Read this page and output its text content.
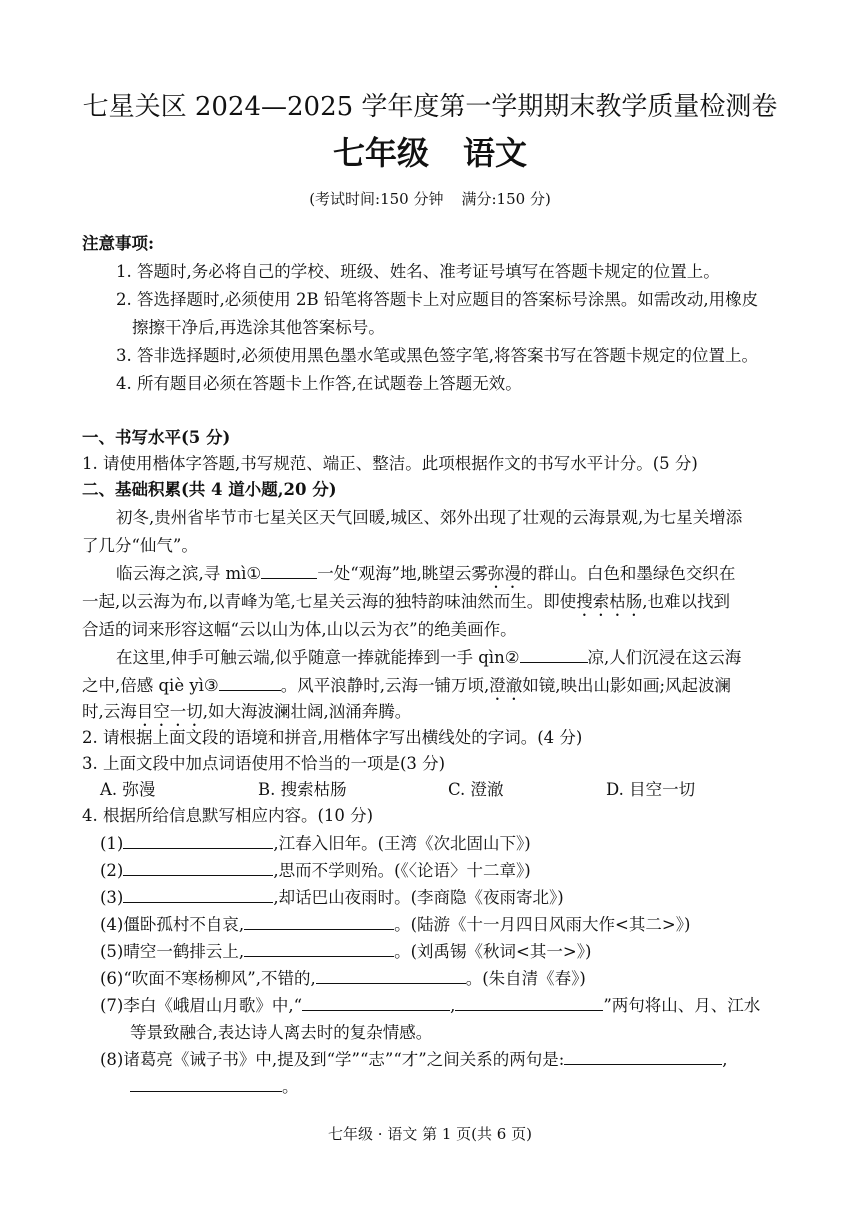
七星关区 2024—2025 学年度第一学期期末教学质量检测卷
七年级 语文
(考试时间:150 分钟 满分:150 分)
注意事项:
1. 答题时,务必将自己的学校、班级、姓名、准考证号填写在答题卡规定的位置上。
2. 答选择题时,必须使用 2B 铅笔将答题卡上对应题目的答案标号涂黑。如需改动,用橡皮
擦擦干净后,再选涂其他答案标号。
3. 答非选择题时,必须使用黑色墨水笔或黑色签字笔,将答案书写在答题卡规定的位置上。
4. 所有题目必须在答题卡上作答,在试题卷上答题无效。
一、书写水平(5 分)
1. 请使用楷体字答题,书写规范、端正、整洁。此项根据作文的书写水平计分。(5 分)
二、基础积累(共 4 道小题,20 分)
初冬,贵州省毕节市七星关区天气回暖,城区、郊外出现了壮观的云海景观,为七星关增添
了几分“仙气”。
临云海之滨,寻 mì①	一处“观海”地,眺望云雾弥漫的群山。白色和墨绿色交织在
一起,以云海为布,以青峰为笔,七星关云海的独特韵味油然而生。即使搜索枯肠,也难以找到
合适的词来形容这幅“云以山为体,山以云为衣”的绝美画作。
在这里,伸手可触云端,似乎随意一捧就能捧到一手 qìn②	凉,人们沉浸在这云海
之中,倍感 qiè yì③	。风平浪静时,云海一铺万顷,澄澈如镜,映出山影如画;风起波澜
时,云海目空一切,如大海波澜壮阔,汹涌奔腾。
2. 请根据上面文段的语境和拼音,用楷体字写出横线处的字词。(4 分)
3. 上面文段中加点词语使用不恰当的一项是(3 分)
A. 弥漫	B. 搜索枯肠	C. 澄澈	D. 目空一切
4. 根据所给信息默写相应内容。(10 分)
(1)	,江春入旧年。(王湾《次北固山下》)
(2)	,思而不学则殆。(《〈论语〉十二章》)
(3)	,却话巴山夜雨时。(李商隐《夜雨寄北》)
(4)僵卧孤村不自哀,	。(陆游《十一月四日风雨大作<其二>》)
(5)晴空一鹤排云上,	。(刘禹锡《秋词<其一>》)
(6)“吹面不寒杨柳风”,不错的,	。(朱自清《春》)
(7)李白《峨眉山月歌》中,“	,	”两句将山、月、江水
等景致融合,表达诗人离去时的复杂情感。
(8)诸葛亮《诫子书》中,提及到“学”“志”“才”之间关系的两句是:	,
。
七年级 · 语文 第 1 页(共 6 页)
